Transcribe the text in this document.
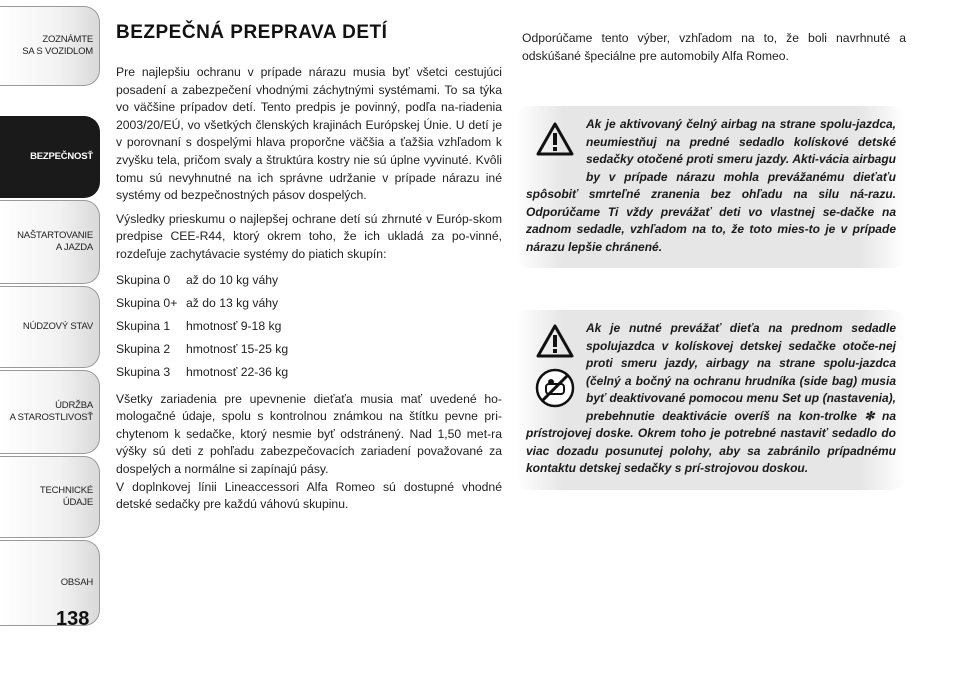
ZOZNÁMTE
SA S VOZIDLOM
BEZPEČNOSŤ
NAŠTARTOVANIE
A JAZDA
NÚDZOVÝ STAV
ÚDRŽBA
A STAROSTLIVOSŤ
TECHNICKÉ
ÚDAJE
OBSAH
138
BEZPEČNÁ PREPRAVA DETÍ

Pre najlepšiu ochranu v prípade nárazu musia byť všetci cestujúci posadení a zabezpečení vhodnými záchytnými systémami. To sa týka vo väčšine prípadov detí. Tento predpis je povinný, podľa na-riadenia 2003/20/EÚ, vo všetkých členských krajinách Európskej Únie. U detí je v porovnaní s dospelými hlava proporčne väčšia a ťažšia vzhľadom k zvyšku tela, pričom svaly a štruktúra kostry nie sú úplne vyvinuté. Kvôli tomu sú nevyhnutné na ich správne udržanie v prípade nárazu iné systémy od bezpečnostných pásov dospelých.

Výsledky prieskumu o najlepšej ochrane detí sú zhrnuté v Európ-skom predpise CEE-R44, ktorý okrem toho, že ich ukladá za po-vinné, rozdeľuje zachytávacie systémy do piatich skupín:

Skupina 0	až do 10 kg váhy
Skupina 0+ až do 13 kg váhy
Skupina 1	hmotnosť 9-18 kg
Skupina 2	hmotnosť 15-25 kg
Skupina 3	hmotnosť 22-36 kg

Všetky zariadenia pre upevnenie dieťaťa musia mať uvedené ho-mologačné údaje, spolu s kontrolnou známkou na štítku pevne pri-chytenom k sedačke, ktorý nesmie byť odstránený. Nad 1,50 met-ra výšky sú deti z pohľadu zabezpečovacích zariadení považované za dospelých a normálne si zapínajú pásy.

V doplnkovej línii Lineaccessori Alfa Romeo sú dostupné vhodné detské sedačky pre každú váhovú skupinu.

Odporúčame tento výber, vzhľadom na to, že boli navrhnuté a odskúšané špeciálne pre automobily Alfa Romeo.
Ak je aktivovaný čelný airbag na strane spolu-jazdca, neumiestňuj na predné sedadlo kolískové detské sedačky otočené proti smeru jazdy. Akti-vácia airbagu by v prípade nárazu mohla prevážanému dieťaťu spôsobiť smrteľné zranenia bez ohľadu na silu ná-razu. Odporúčame Ti vždy prevážať deti vo vlastnej se-dačke na zadnom sedadle, vzhľadom na to, že toto mies-to je v prípade nárazu lepšie chránené.
Ak je nutné prevážať dieťa na prednom sedadle spolujazdca v kolískovej detskej sedačke otoče-nej proti smeru jazdy, airbagy na strane spolu-jazdca (čelný a bočný na ochranu hrudníka (side bag) musia byť deaktivované pomocou menu Set up (nastavenia), prebehnutie deaktivácie overíš na kon-trolke ✻ na prístrojovej doske. Okrem toho je potrebné nastaviť sedadlo do viac dozadu posunutej polohy, aby sa zabránilo prípadnému kontaktu detskej sedačky s prí-strojovou doskou.
